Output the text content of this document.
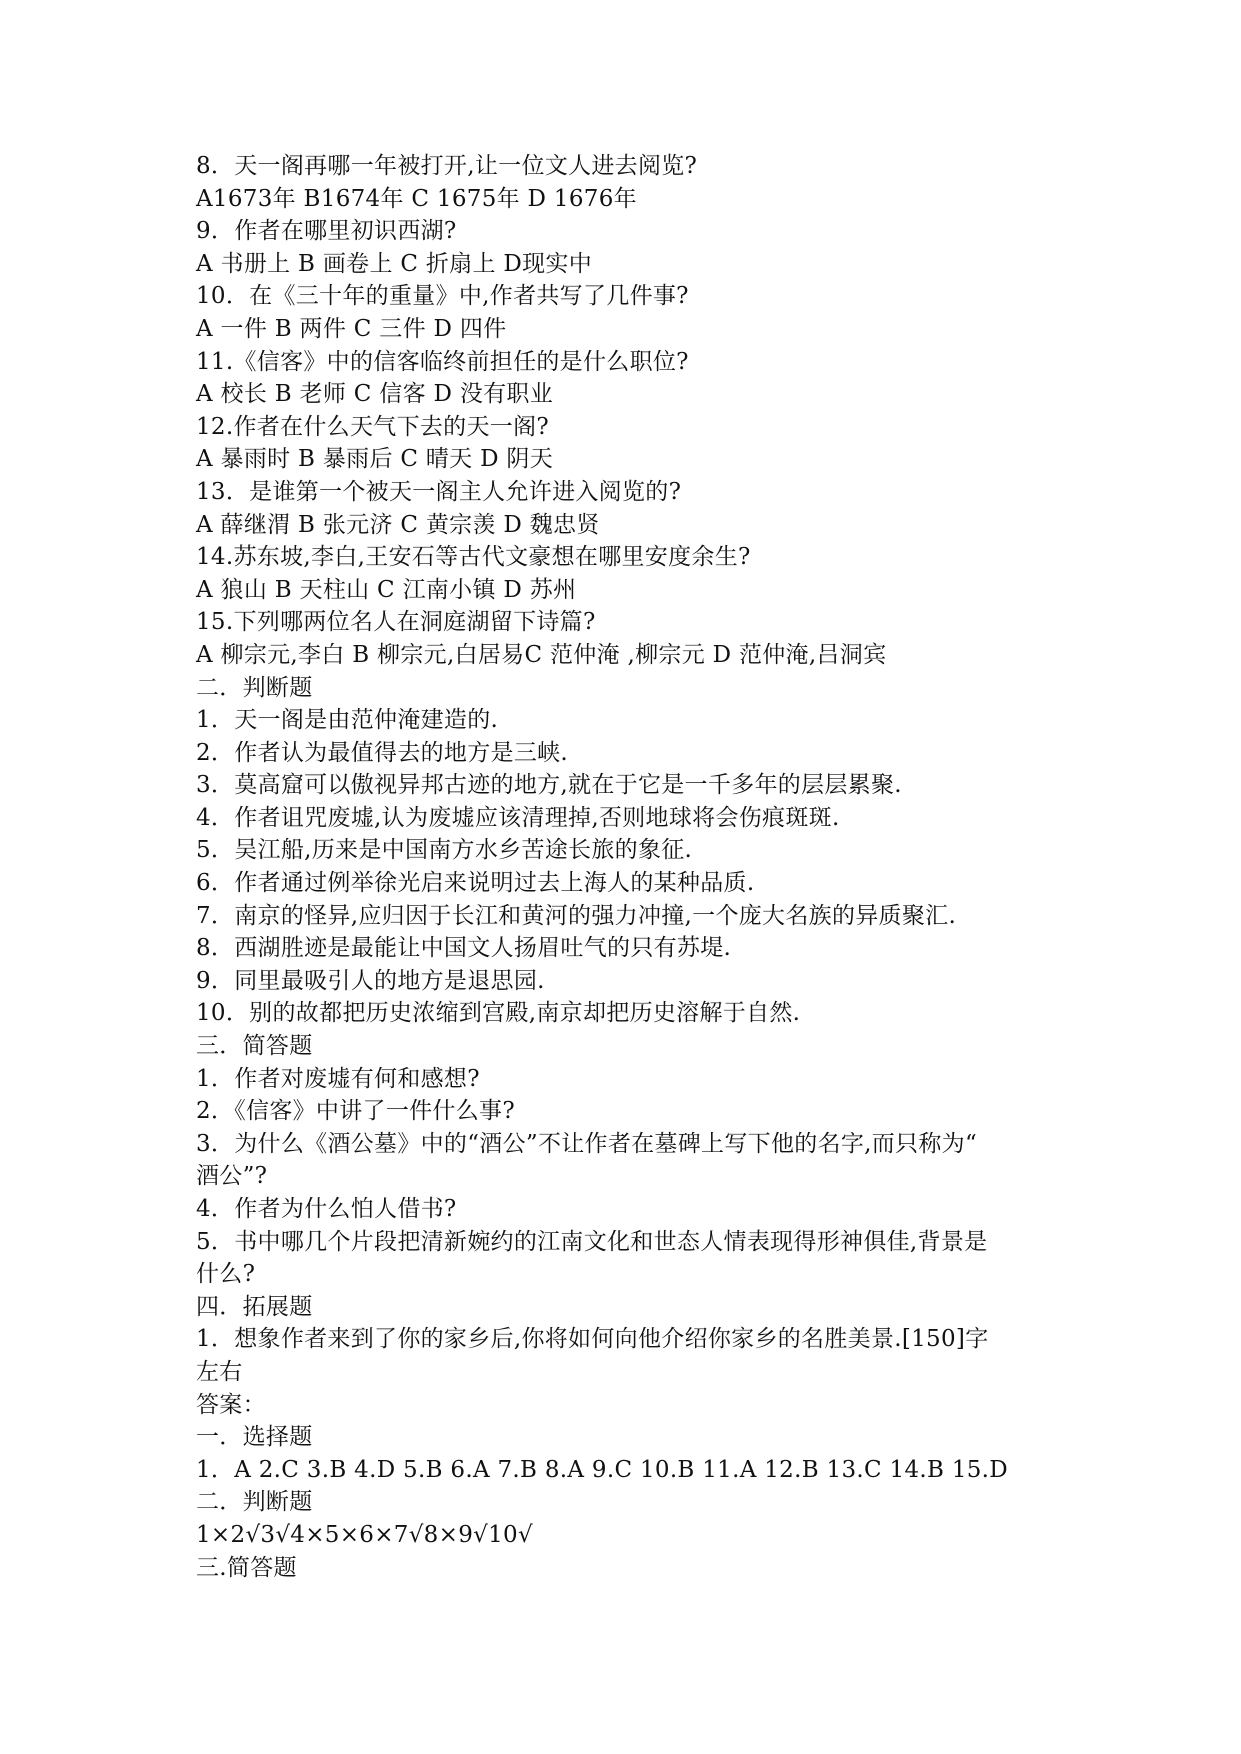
8．天一阁再哪一年被打开,让一位文人进去阅览?
A1673年 B1674年 C 1675年 D 1676年
9．作者在哪里初识西湖?
A 书册上 B 画卷上 C 折扇上 D现实中
10．在《三十年的重量》中,作者共写了几件事?
A 一件 B 两件 C 三件 D 四件
11.《信客》中的信客临终前担任的是什么职位?
A 校长 B 老师 C 信客 D 没有职业
12.作者在什么天气下去的天一阁?
A 暴雨时 B 暴雨后 C 晴天 D 阴天
13．是谁第一个被天一阁主人允许进入阅览的?
A 薛继渭 B 张元济 C 黄宗羡 D 魏忠贤
14.苏东坡,李白,王安石等古代文豪想在哪里安度余生?
A 狼山 B 天柱山 C 江南小镇 D 苏州
15.下列哪两位名人在洞庭湖留下诗篇?
A 柳宗元,李白 B 柳宗元,白居易C 范仲淹 ,柳宗元 D 范仲淹,吕洞宾
二．判断题
1．天一阁是由范仲淹建造的.
2．作者认为最值得去的地方是三峡.
3．莫高窟可以傲视异邦古迹的地方,就在于它是一千多年的层层累聚.
4．作者诅咒废墟,认为废墟应该清理掉,否则地球将会伤痕斑斑.
5．吴江船,历来是中国南方水乡苦途长旅的象征.
6．作者通过例举徐光启来说明过去上海人的某种品质.
7．南京的怪异,应归因于长江和黄河的强力冲撞,一个庞大名族的异质聚汇.
8．西湖胜迹是最能让中国文人扬眉吐气的只有苏堤.
9．同里最吸引人的地方是退思园.
10．别的故都把历史浓缩到宫殿,南京却把历史溶解于自然.
三．简答题
1．作者对废墟有何和感想?
2．《信客》中讲了一件什么事?
3．为什么《酒公墓》中的“酒公”不让作者在墓碑上写下他的名字,而只称为“
酒公”?
4．作者为什么怕人借书?
5．书中哪几个片段把清新婉约的江南文化和世态人情表现得形神俱佳,背景是
什么?
四．拓展题
1．想象作者来到了你的家乡后,你将如何向他介绍你家乡的名胜美景.[150]字
左右
答案：
一．选择题
1．A 2.C 3.B 4.D 5.B 6.A 7.B 8.A 9.C 10.B 11.A 12.B 13.C 14.B 15.D
二．判断题
1×2√3√4×5×6×7√8×9√10√
三.简答题
